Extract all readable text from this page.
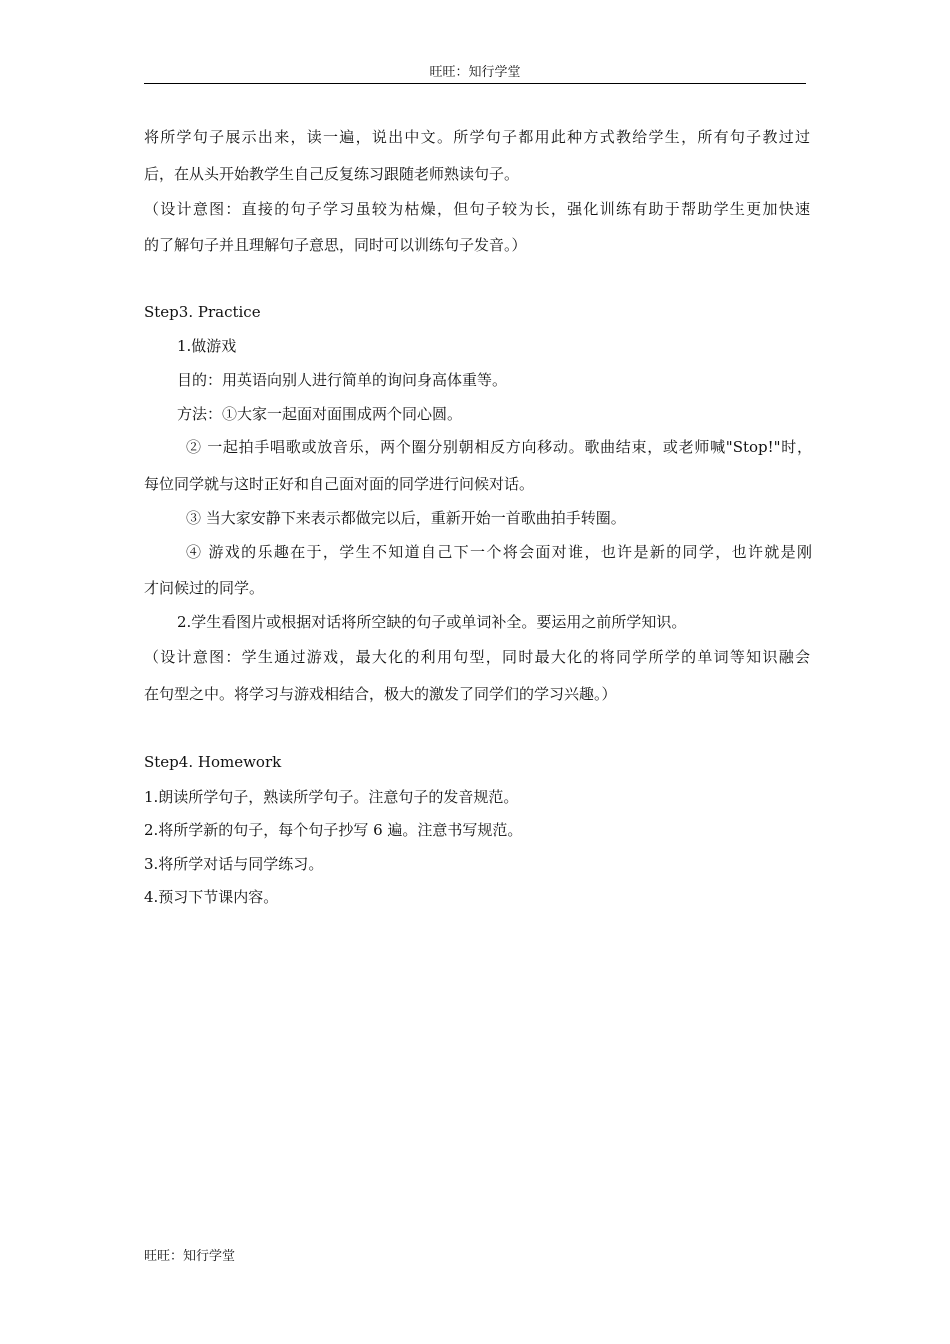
旺旺：知行学堂
将所学句子展示出来，读一遍，说出中文。所学句子都用此种方式教给学生，所有句子教过过
后，在从头开始教学生自己反复练习跟随老师熟读句子。
（设计意图：直接的句子学习虽较为枯燥，但句子较为长，强化训练有助于帮助学生更加快速
的了解句子并且理解句子意思，同时可以训练句子发音。）
Step3. Practice
1.做游戏
目的：用英语向别人进行简单的询问身高体重等。
方法：①大家一起面对面围成两个同心圆。
② 一起拍手唱歌或放音乐，两个圈分别朝相反方向移动。歌曲结束，或老师喊"Stop!"时，
每位同学就与这时正好和自己面对面的同学进行问候对话。
③ 当大家安静下来表示都做完以后，重新开始一首歌曲拍手转圈。
④ 游戏的乐趣在于，学生不知道自己下一个将会面对谁，也许是新的同学，也许就是刚
才问候过的同学。
2.学生看图片或根据对话将所空缺的句子或单词补全。要运用之前所学知识。
（设计意图：学生通过游戏，最大化的利用句型，同时最大化的将同学所学的单词等知识融会
在句型之中。将学习与游戏相结合，极大的激发了同学们的学习兴趣。）
Step4. Homework
1.朗读所学句子，熟读所学句子。注意句子的发音规范。
2.将所学新的句子，每个句子抄写 6 遍。注意书写规范。
3.将所学对话与同学练习。
4.预习下节课内容。
旺旺：知行学堂
